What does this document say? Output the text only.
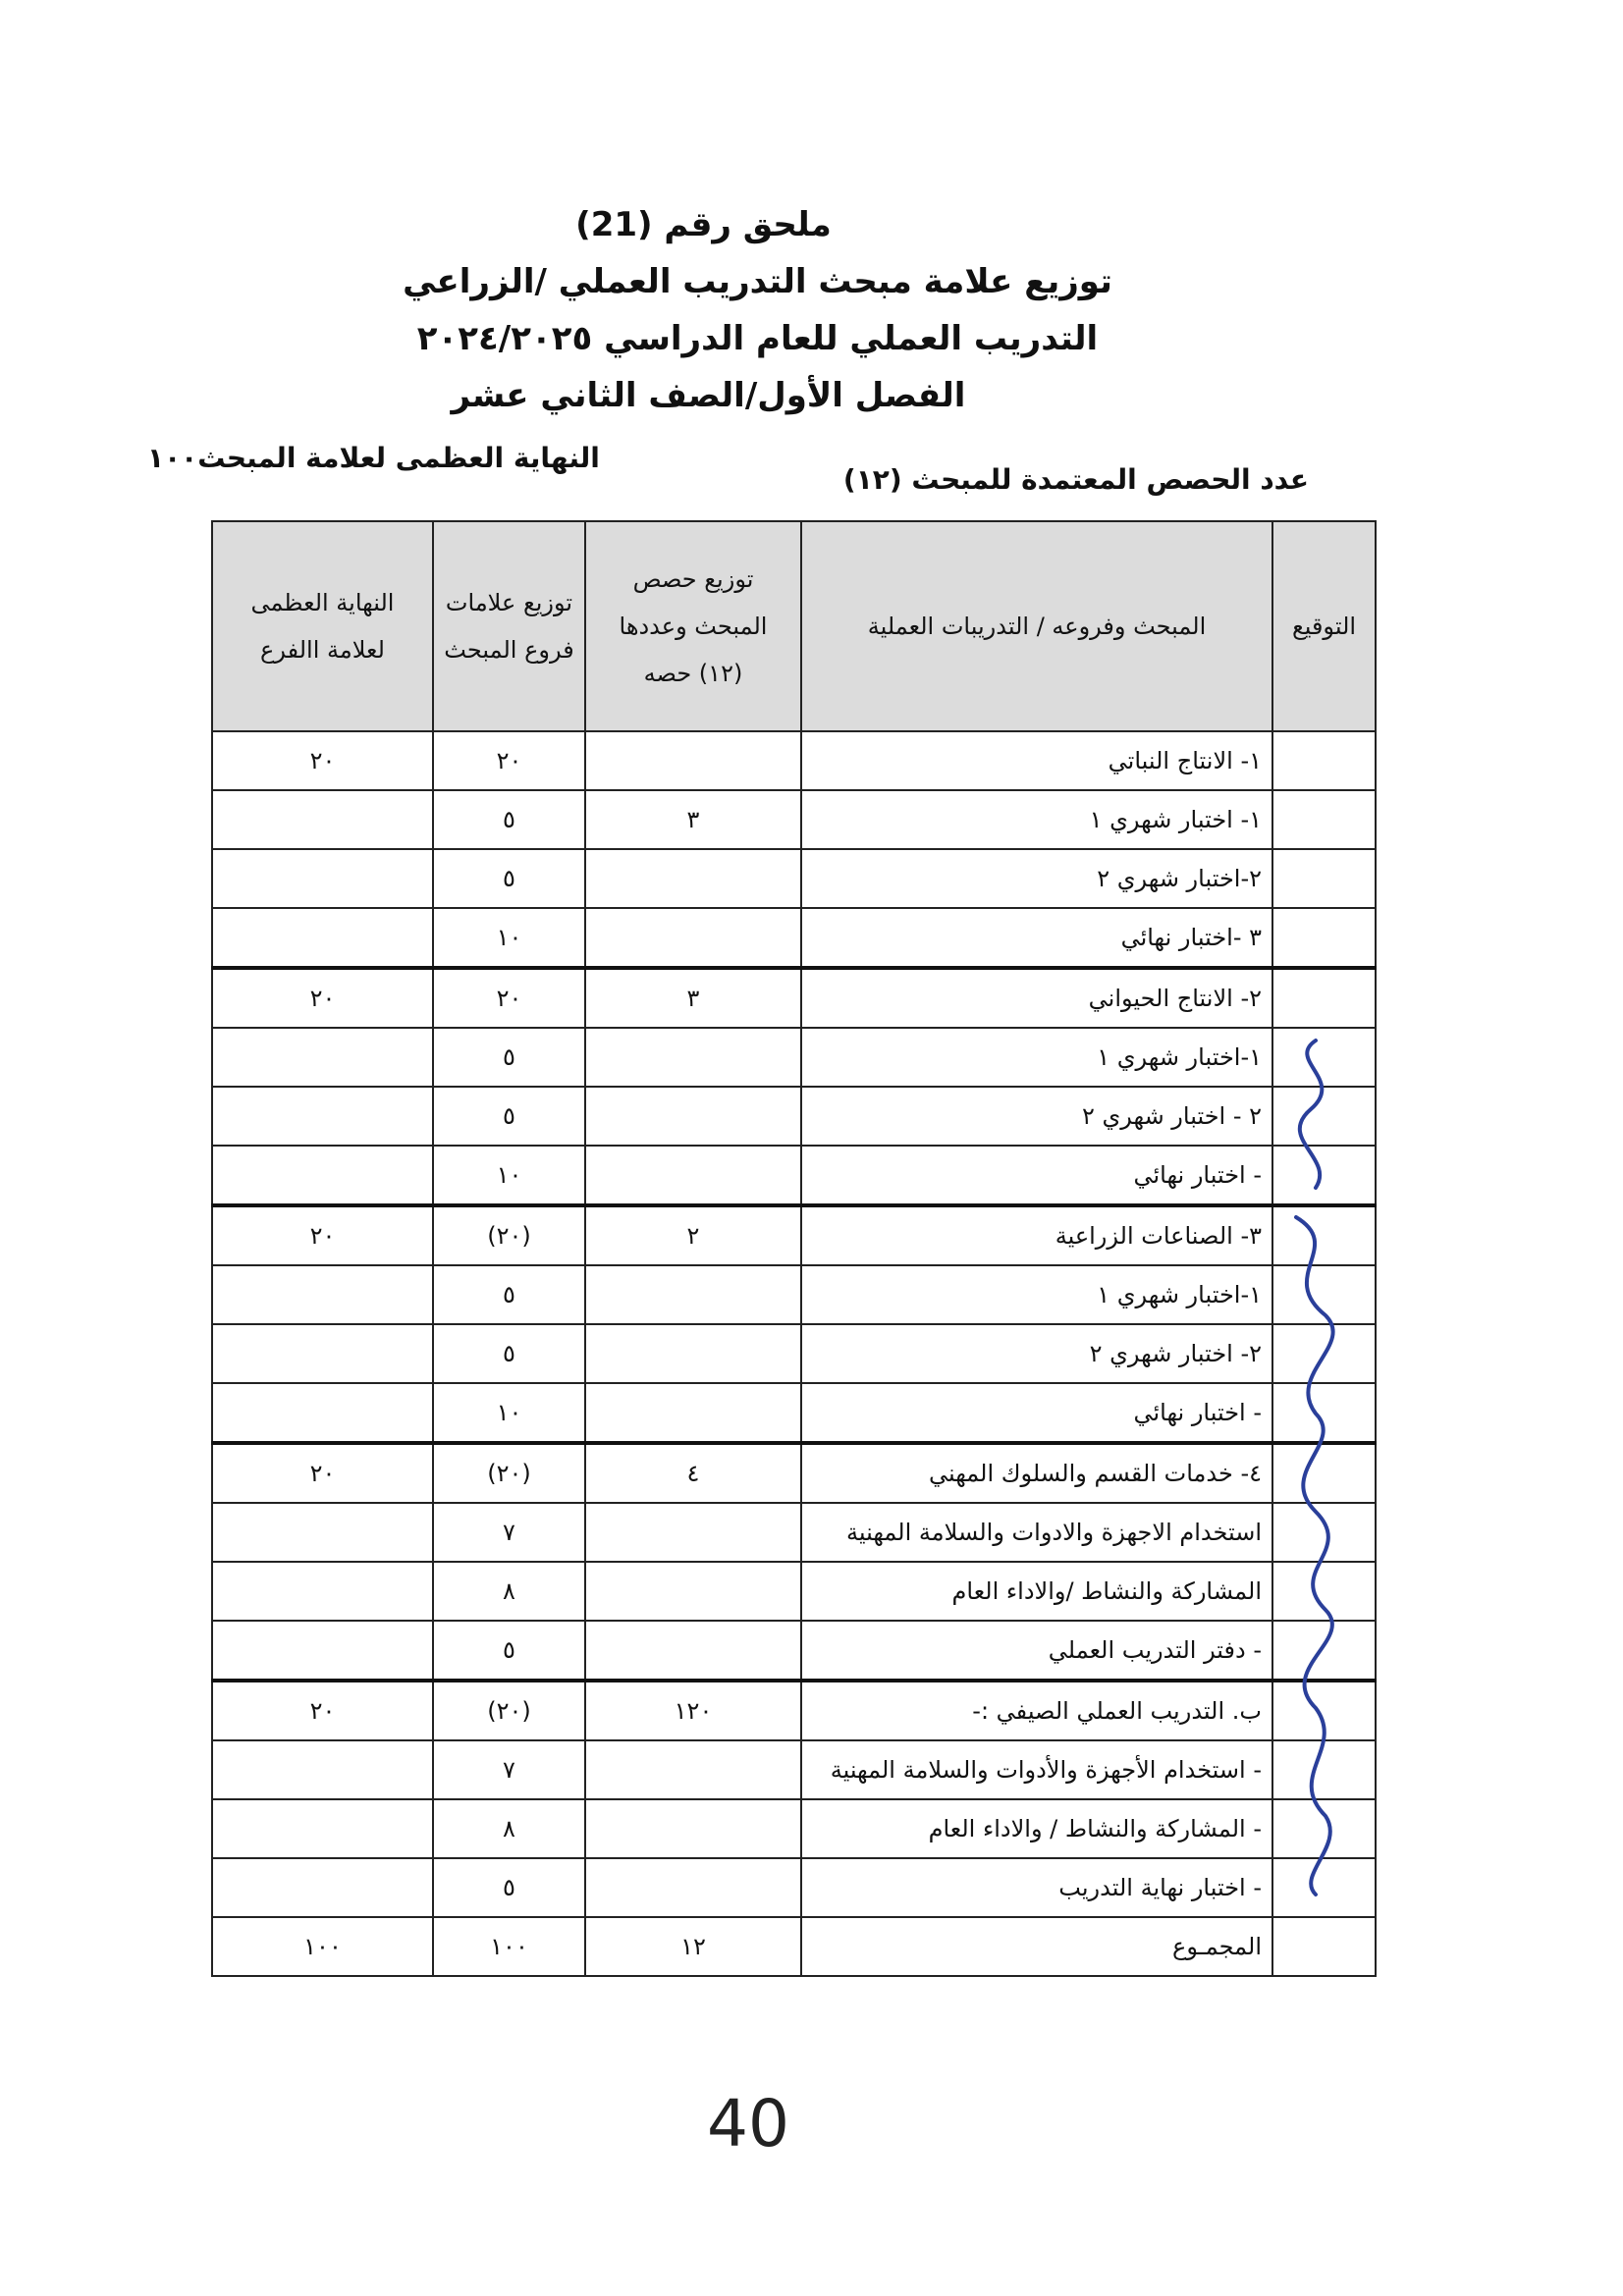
ملحق رقم (21)

توزيع علامة مبحث التدريب العملي /الزراعي

التدريب العملي للعام الدراسي ٢٠٢٤/٢٠٢٥

الفصل الأول/الصف الثاني عشر

النهاية العظمى لعلامة المبحث١٠٠
عدد الحصص المعتمدة للمبحث (١٢)
التوقيع	المبحث وفروعه / التدريبات العملية	توزيع حصص المبحث وعددها (١٢) حصه	توزيع علامات فروع المبحث	النهاية العظمى لعلامة االفرع
	١- الانتاج النباتي		٢٠	٢٠
	١- اختبار شهري ١	٣	٥	
	٢-اختبار شهري ٢		٥	
	٣ -اختبار نهائي		١٠	
	٢- الانتاج الحيواني	٣	٢٠	٢٠
	١-اختبار شهري ١		٥	
	٢ - اختبار شهري ٢		٥	
	- اختبار نهائي		١٠	
	٣- الصناعات الزراعية	٢	(٢٠)	٢٠
	١-اختبار شهري ١		٥	
	٢- اختبار شهري ٢		٥	
	- اختبار نهائي		١٠	
	٤- خدمات القسم والسلوك المهني	٤	(٢٠)	٢٠
	استخدام الاجهزة والادوات والسلامة المهنية		٧	
	المشاركة والنشاط /والاداء العام		٨	
	- دفتر التدريب العملي		٥	
	ب. التدريب العملي الصيفي :-	١٢٠	(٢٠)	٢٠
	- استخدام الأجهزة والأدوات والسلامة المهنية		٧	
	- المشاركة والنشاط / والاداء العام		٨	
	- اختبار نهاية التدريب		٥	
	المجمـوع	١٢	١٠٠	١٠٠
40
